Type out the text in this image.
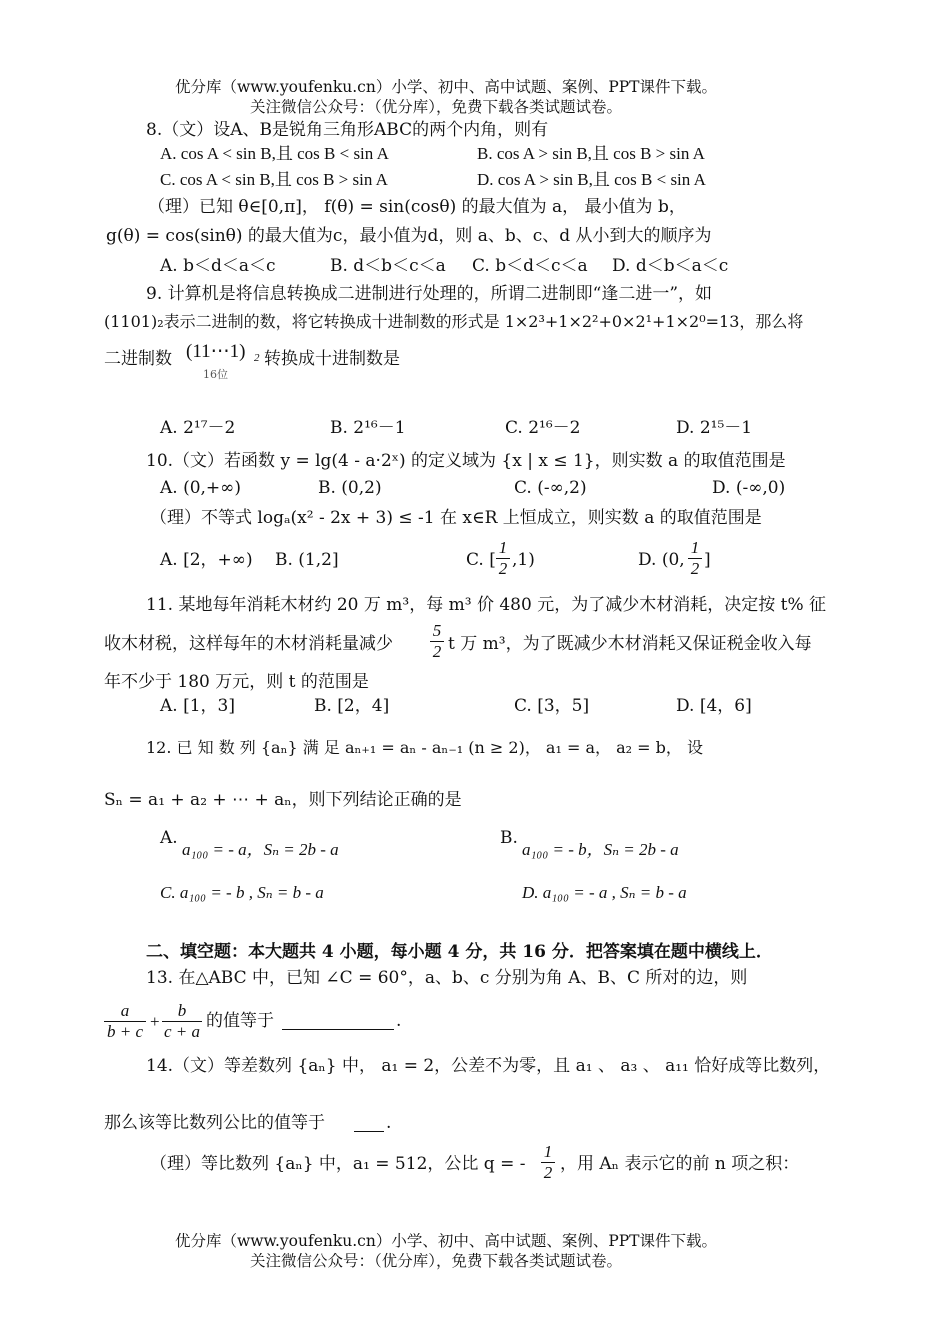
优分库（www.youfenku.cn）小学、初中、高中试题、案例、PPT课件下载。
关注微信公众号：（优分库），免费下载各类试题试卷。
8.（文）设A、B是锐角三角形ABC的两个内角，则有
A. cos A < sin B,且 cos B < sin A	B. cos A > sin B,且 cos B > sin A
C. cos A < sin B,且 cos B > sin A	D. cos A > sin B,且 cos B < sin A
（理）已知 θ∈[0,π]， f(θ) = sin(cosθ) 的最大值为 a， 最小值为 b，
g(θ) = cos(sinθ) 的最大值为c，最小值为d，则 a、b、c、d 从小到大的顺序为
A. b＜d＜a＜c	B. d＜b＜c＜a C. b＜d＜c＜a D. d＜b＜a＜c
9. 计算机是将信息转换成二进制进行处理的，所谓二进制即“逢二进一”，如
(1101)₂表示二进制的数，将它转换成十进制数的形式是 1×2³+1×2²+0×2¹+1×2⁰=13，那么将
二进制数 (11⋯1) 2
16位
转换成十进制数是
A. 2¹⁷－2	B. 2¹⁶－1	C. 2¹⁶－2	D. 2¹⁵－1
10.（文）若函数 y = lg(4 - a·2ˣ) 的定义域为 {x | x ≤ 1}，则实数 a 的取值范围是
A. (0,+∞)	B. (0,2)	C. (-∞,2)	D. (-∞,0)
（理）不等式 logₐ(x² - 2x + 3) ≤ -1 在 x∈R 上恒成立，则实数 a 的取值范围是
A. [2，+∞) B. (1,2]	C. [ $\frac{1}{2} ,1$)	D. (0, $\frac{1}{2}$ ]
11. 某地每年消耗木材约 20 万 m³，每 m³ 价 480 元，为了减少木材消耗，决定按 t% 征
收木材税，这样每年的木材消耗量减少 $\frac{5}{2}$ t 万 m³，为了既减少木材消耗又保证税金收入每
年不少于 180 万元，则 t 的范围是
A. [1，3]	B. [2，4]	C. [3，5]	D. [4，6]
12. 已 知 数 列 {aₙ} 满 足 aₙ₊₁ = aₙ - aₙ₋₁ (n ≥ 2)， a₁ = a， a₂ = b， 设
Sₙ = a₁ + a₂ + ⋯ + aₙ，则下列结论正确的是
A.
a₁₀₀ = - a，Sₙ = 2b - a
B.
a₁₀₀ = - b，Sₙ = 2b - a
C. a₁₀₀ = - b , Sₙ = b - a	D. a₁₀₀ = - a , Sₙ = b - a
二、填空题：本大题共 4 小题，每小题 4 分，共 16 分．把答案填在题中横线上．
13. 在△ABC 中，已知 ∠C = 60°，a、b、c 分别为角 A、B、C 所对的边，则
$\frac{a}{b + c} + \frac{b}{c + a}$ 的值等于	.
14.（文）等差数列 {aₙ} 中， a₁ = 2，公差不为零，且 a₁ 、 a₃ 、 a₁₁ 恰好成等比数列，
那么该等比数列公比的值等于	.
（理）等比数列 {aₙ} 中，a₁ = 512，公比 q = - $\frac{1}{2}$ ，用 Aₙ 表示它的前 n 项之积：
优分库（www.youfenku.cn）小学、初中、高中试题、案例、PPT课件下载。
关注微信公众号：（优分库），免费下载各类试题试卷。
